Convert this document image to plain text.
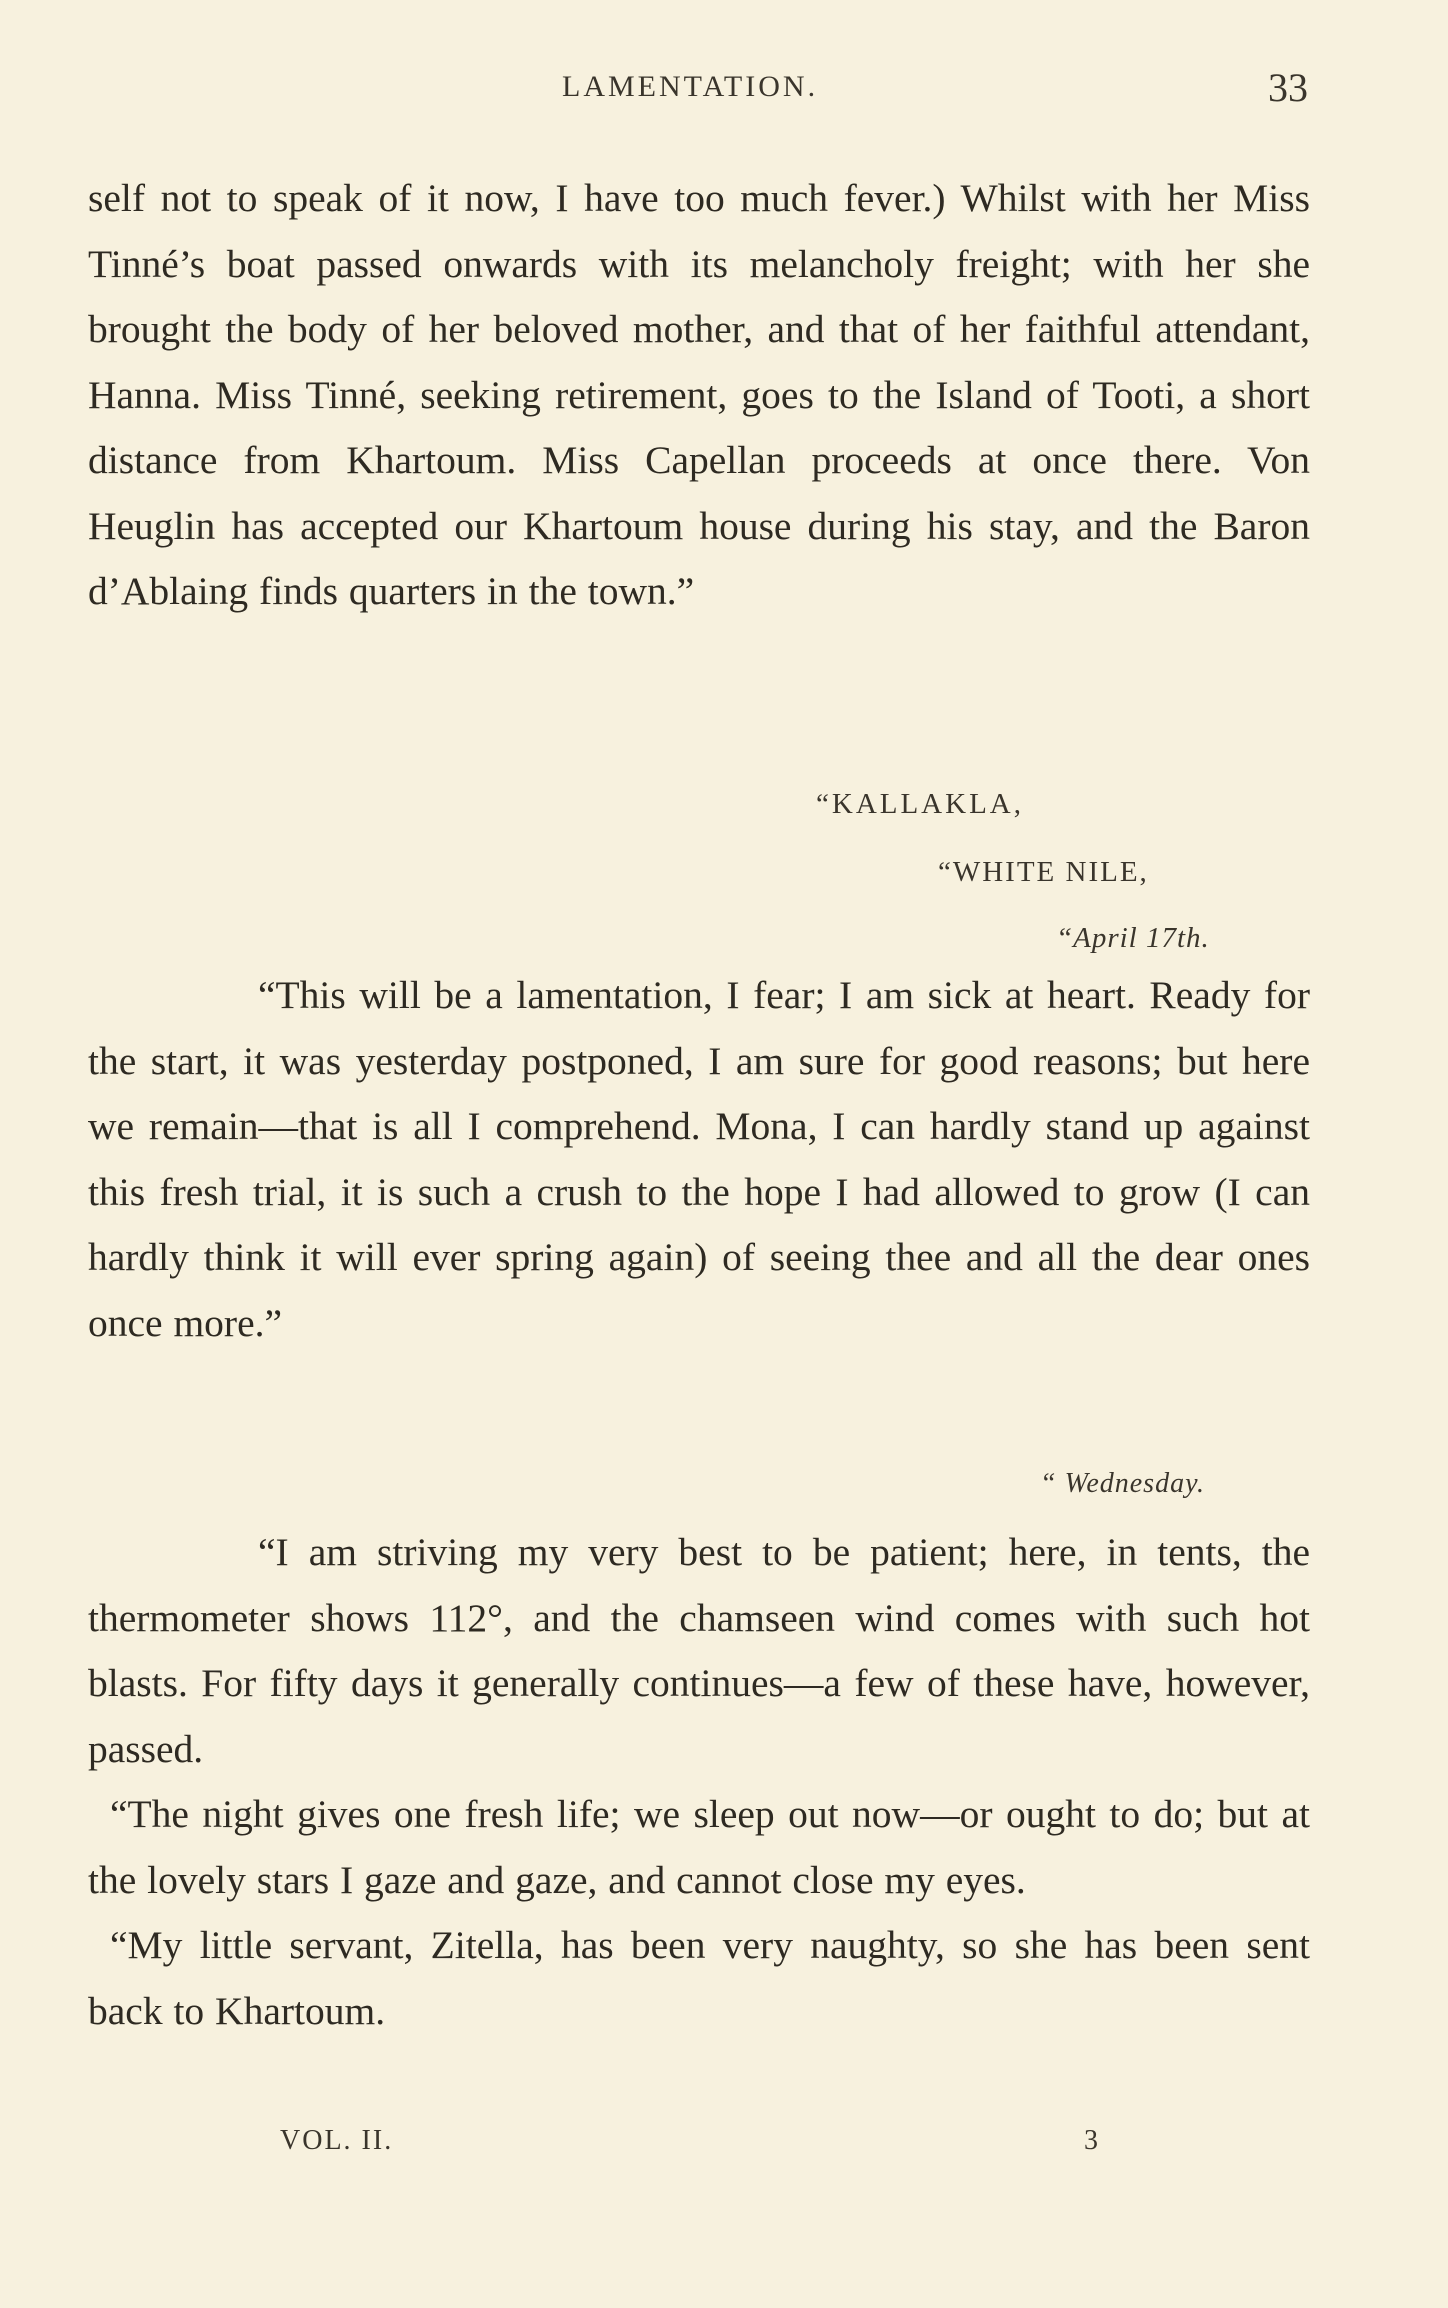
LAMENTATION.	33

self not to speak of it now, I have too much fever.) Whilst with her Miss Tinné’s boat passed onwards with its melancholy freight; with her she brought the body of her beloved mother, and that of her faithful attendant, Hanna. Miss Tinné, seeking retirement, goes to the Island of Tooti, a short distance from Khartoum. Miss Capellan proceeds at once there. Von Heuglin has accepted our Khartoum house during his stay, and the Baron d’Ablaing finds quarters in the town.”

“KALLAKLA,
“WHITE NILE,
“April 17th.

“This will be a lamentation, I fear; I am sick at heart. Ready for the start, it was yesterday postponed, I am sure for good reasons; but here we remain—that is all I comprehend. Mona, I can hardly stand up against this fresh trial, it is such a crush to the hope I had allowed to grow (I can hardly think it will ever spring again) of seeing thee and all the dear ones once more.”

“ Wednesday.

“I am striving my very best to be patient; here, in tents, the thermometer shows 112°, and the chamseen wind comes with such hot blasts. For fifty days it generally continues—a few of these have, however, passed.

“The night gives one fresh life; we sleep out now—or ought to do; but at the lovely stars I gaze and gaze, and cannot close my eyes.

“My little servant, Zitella, has been very naughty, so she has been sent back to Khartoum.

VOL. II.	3
